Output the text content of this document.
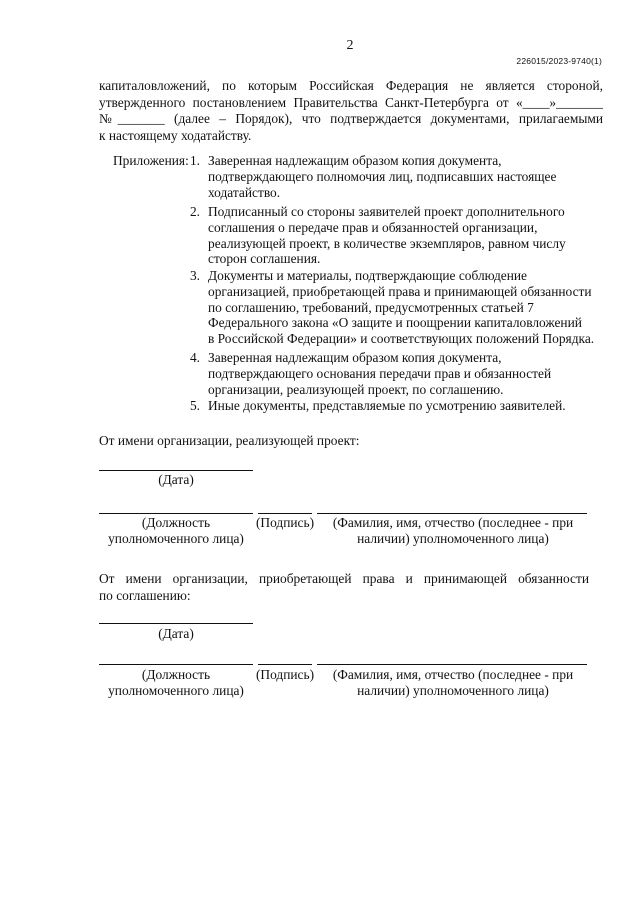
2
226015/2023-9740(1)
капиталовложений, по которым Российская Федерация не является стороной,
утвержденного постановлением Правительства Санкт-Петербурга от «____»_______
№_______ (далее – Порядок), что подтверждается документами, прилагаемыми
к настоящему ходатайству.
Приложения: 1. Заверенная надлежащим образом копия документа,
подтверждающего полномочия лиц, подписавших настоящее
ходатайство.
2. Подписанный со стороны заявителей проект дополнительного
соглашения о передаче прав и обязанностей организации,
реализующей проект, в количестве экземпляров, равном числу
сторон соглашения.
3. Документы и материалы, подтверждающие соблюдение
организацией, приобретающей права и принимающей обязанности
по соглашению, требований, предусмотренных статьей 7
Федерального закона «О защите и поощрении капиталовложений
в Российской Федерации» и соответствующих положений Порядка.
4. Заверенная надлежащим образом копия документа,
подтверждающего основания передачи прав и обязанностей
организации, реализующей проект, по соглашению.
5. Иные документы, представляемые по усмотрению заявителей.
От имени организации, реализующей проект:
(Дата)
(Должность
уполномоченного лица)
(Подпись)	(Фамилия, имя, отчество (последнее - при
наличии) уполномоченного лица)
От имени организации, приобретающей права и принимающей обязанности
по соглашению:
(Дата)
(Должность
уполномоченного лица)
(Подпись)	(Фамилия, имя, отчество (последнее - при
наличии) уполномоченного лица)
